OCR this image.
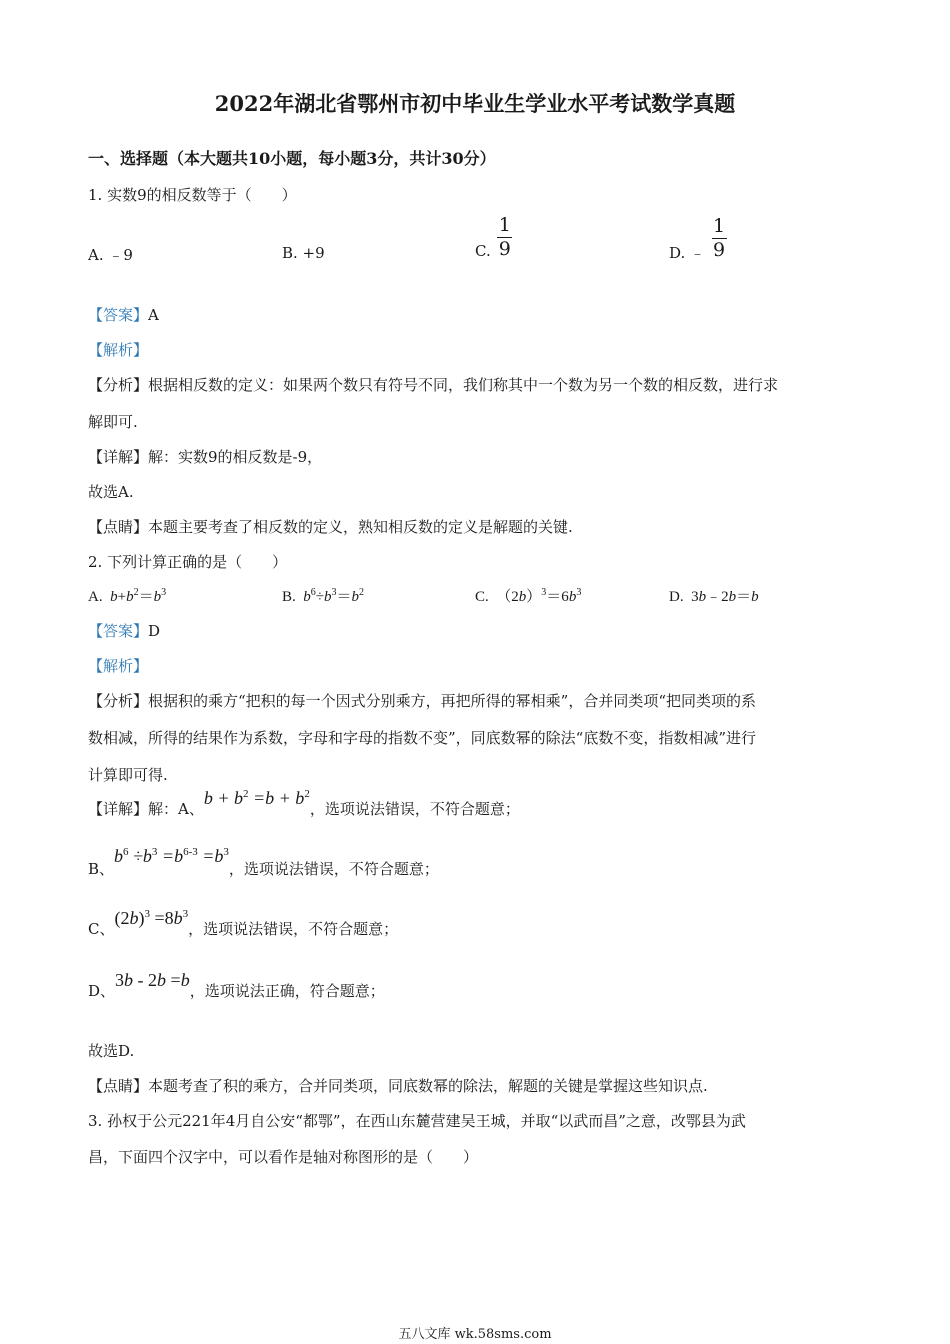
2022年湖北省鄂州市初中毕业生学业水平考试数学真题
一、选择题（本大题共10小题，每小题3分，共计30分）
1. 实数9的相反数等于（　　）
A. ﹣9	B. +9	C. $\frac{1}{9}$	D. ﹣ $\frac{1}{9}$
【答案】A
【解析】
【分析】根据相反数的定义：如果两个数只有符号不同，我们称其中一个数为另一个数的相反数，进行求
解即可.
【详解】解：实数9的相反数是-9，
故选A.
【点睛】本题主要考查了相反数的定义，熟知相反数的定义是解题的关键.
2. 下列计算正确的是（　　）
A. $b+b^2=b^3$	B. $b^6\div b^3=b^2$	C.  $(2b)^3=6b^3$	D.  3b﹣2b＝b
【答案】D
【解析】
【分析】根据积的乘方“把积的每一个因式分别乘方，再把所得的幂相乘”，合并同类项“把同类项的系
数相减，所得的结果作为系数，字母和字母的指数不变”，同底数幂的除法“底数不变，指数相减”进行
计算即可得.
【详解】解：A、$b + b^2 =b + b^2$，选项说法错误，不符合题意；
B、$b^6 \div b^3 =b^{6-3} =b^3$，选项说法错误，不符合题意；
C、$(2b)^3 =8b^3$，选项说法错误，不符合题意；
D、3b - 2b =b，选项说法正确，符合题意；
故选D.
【点睛】本题考查了积的乘方，合并同类项，同底数幂的除法，解题的关键是掌握这些知识点.
3. 孙权于公元221年4月自公安“都鄂”，在西山东麓营建吴王城，并取“以武而昌”之意，改鄂县为武
昌，下面四个汉字中，可以看作是轴对称图形的是（　　）
五八文库 wk.58sms.com
